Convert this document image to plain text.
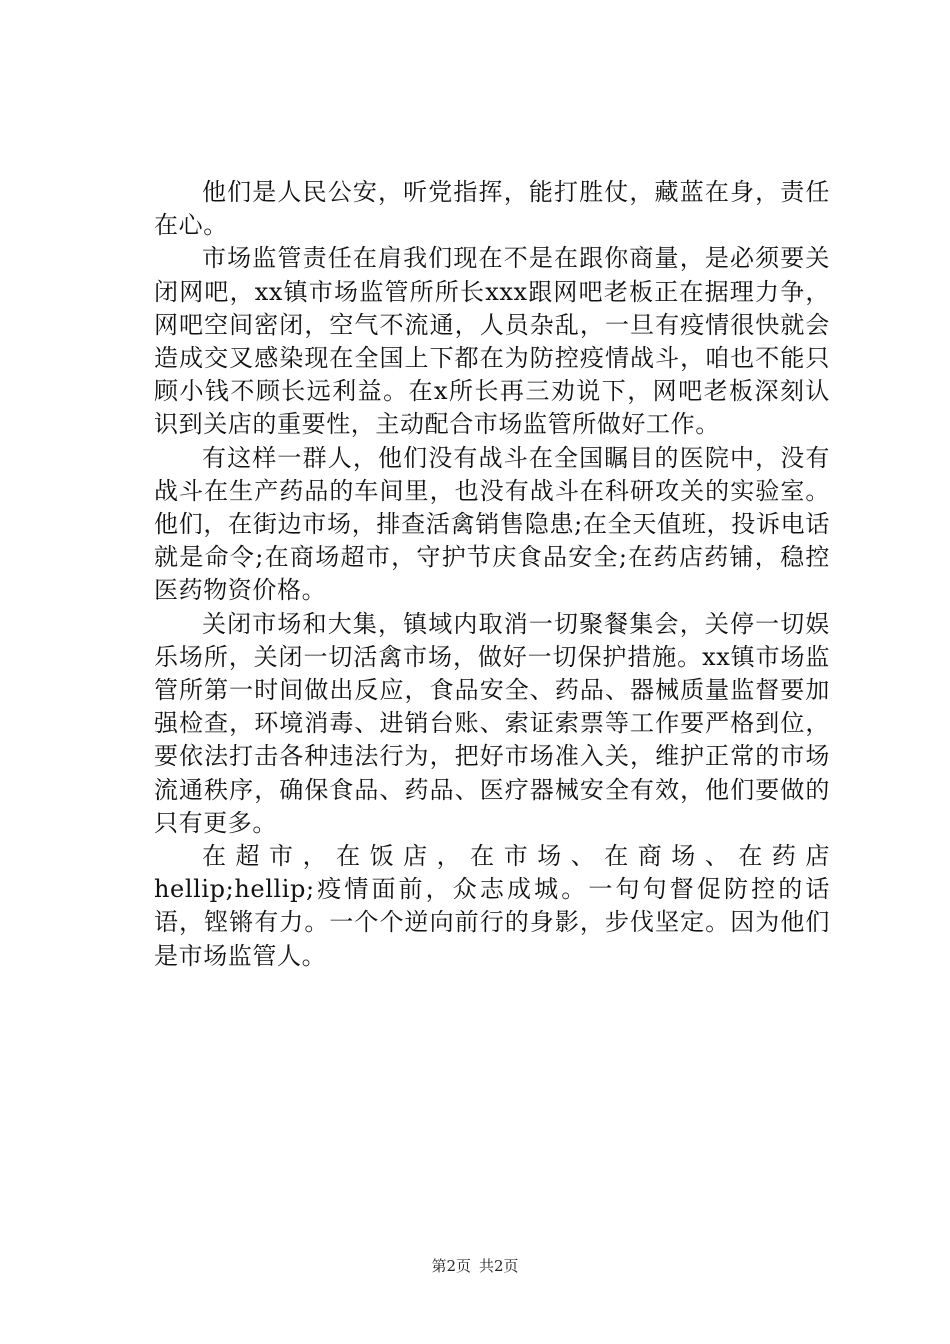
他们是人民公安，听党指挥，能打胜仗，藏蓝在身，责任在心。

市场监管责任在肩我们现在不是在跟你商量，是必须要关闭网吧，xx镇市场监管所所长xxx跟网吧老板正在据理力争，网吧空间密闭，空气不流通，人员杂乱，一旦有疫情很快就会造成交叉感染现在全国上下都在为防控疫情战斗，咱也不能只顾小钱不顾长远利益。在x所长再三劝说下，网吧老板深刻认识到关店的重要性，主动配合市场监管所做好工作。

有这样一群人，他们没有战斗在全国瞩目的医院中，没有战斗在生产药品的车间里，也没有战斗在科研攻关的实验室。他们，在街边市场，排查活禽销售隐患;在全天值班，投诉电话就是命令;在商场超市，守护节庆食品安全;在药店药铺，稳控医药物资价格。

关闭市场和大集，镇域内取消一切聚餐集会，关停一切娱乐场所，关闭一切活禽市场，做好一切保护措施。xx镇市场监管所第一时间做出反应，食品安全、药品、器械质量监督要加强检查，环境消毒、进销台账、索证索票等工作要严格到位，要依法打击各种违法行为，把好市场准入关，维护正常的市场流通秩序，确保食品、药品、医疗器械安全有效，他们要做的只有更多。

在超市，在饭店，在市场、在商场、在药店hellip;hellip;疫情面前，众志成城。一句句督促防控的话语，铿锵有力。一个个逆向前行的身影，步伐坚定。因为他们是市场监管人。

第2页 共2页
